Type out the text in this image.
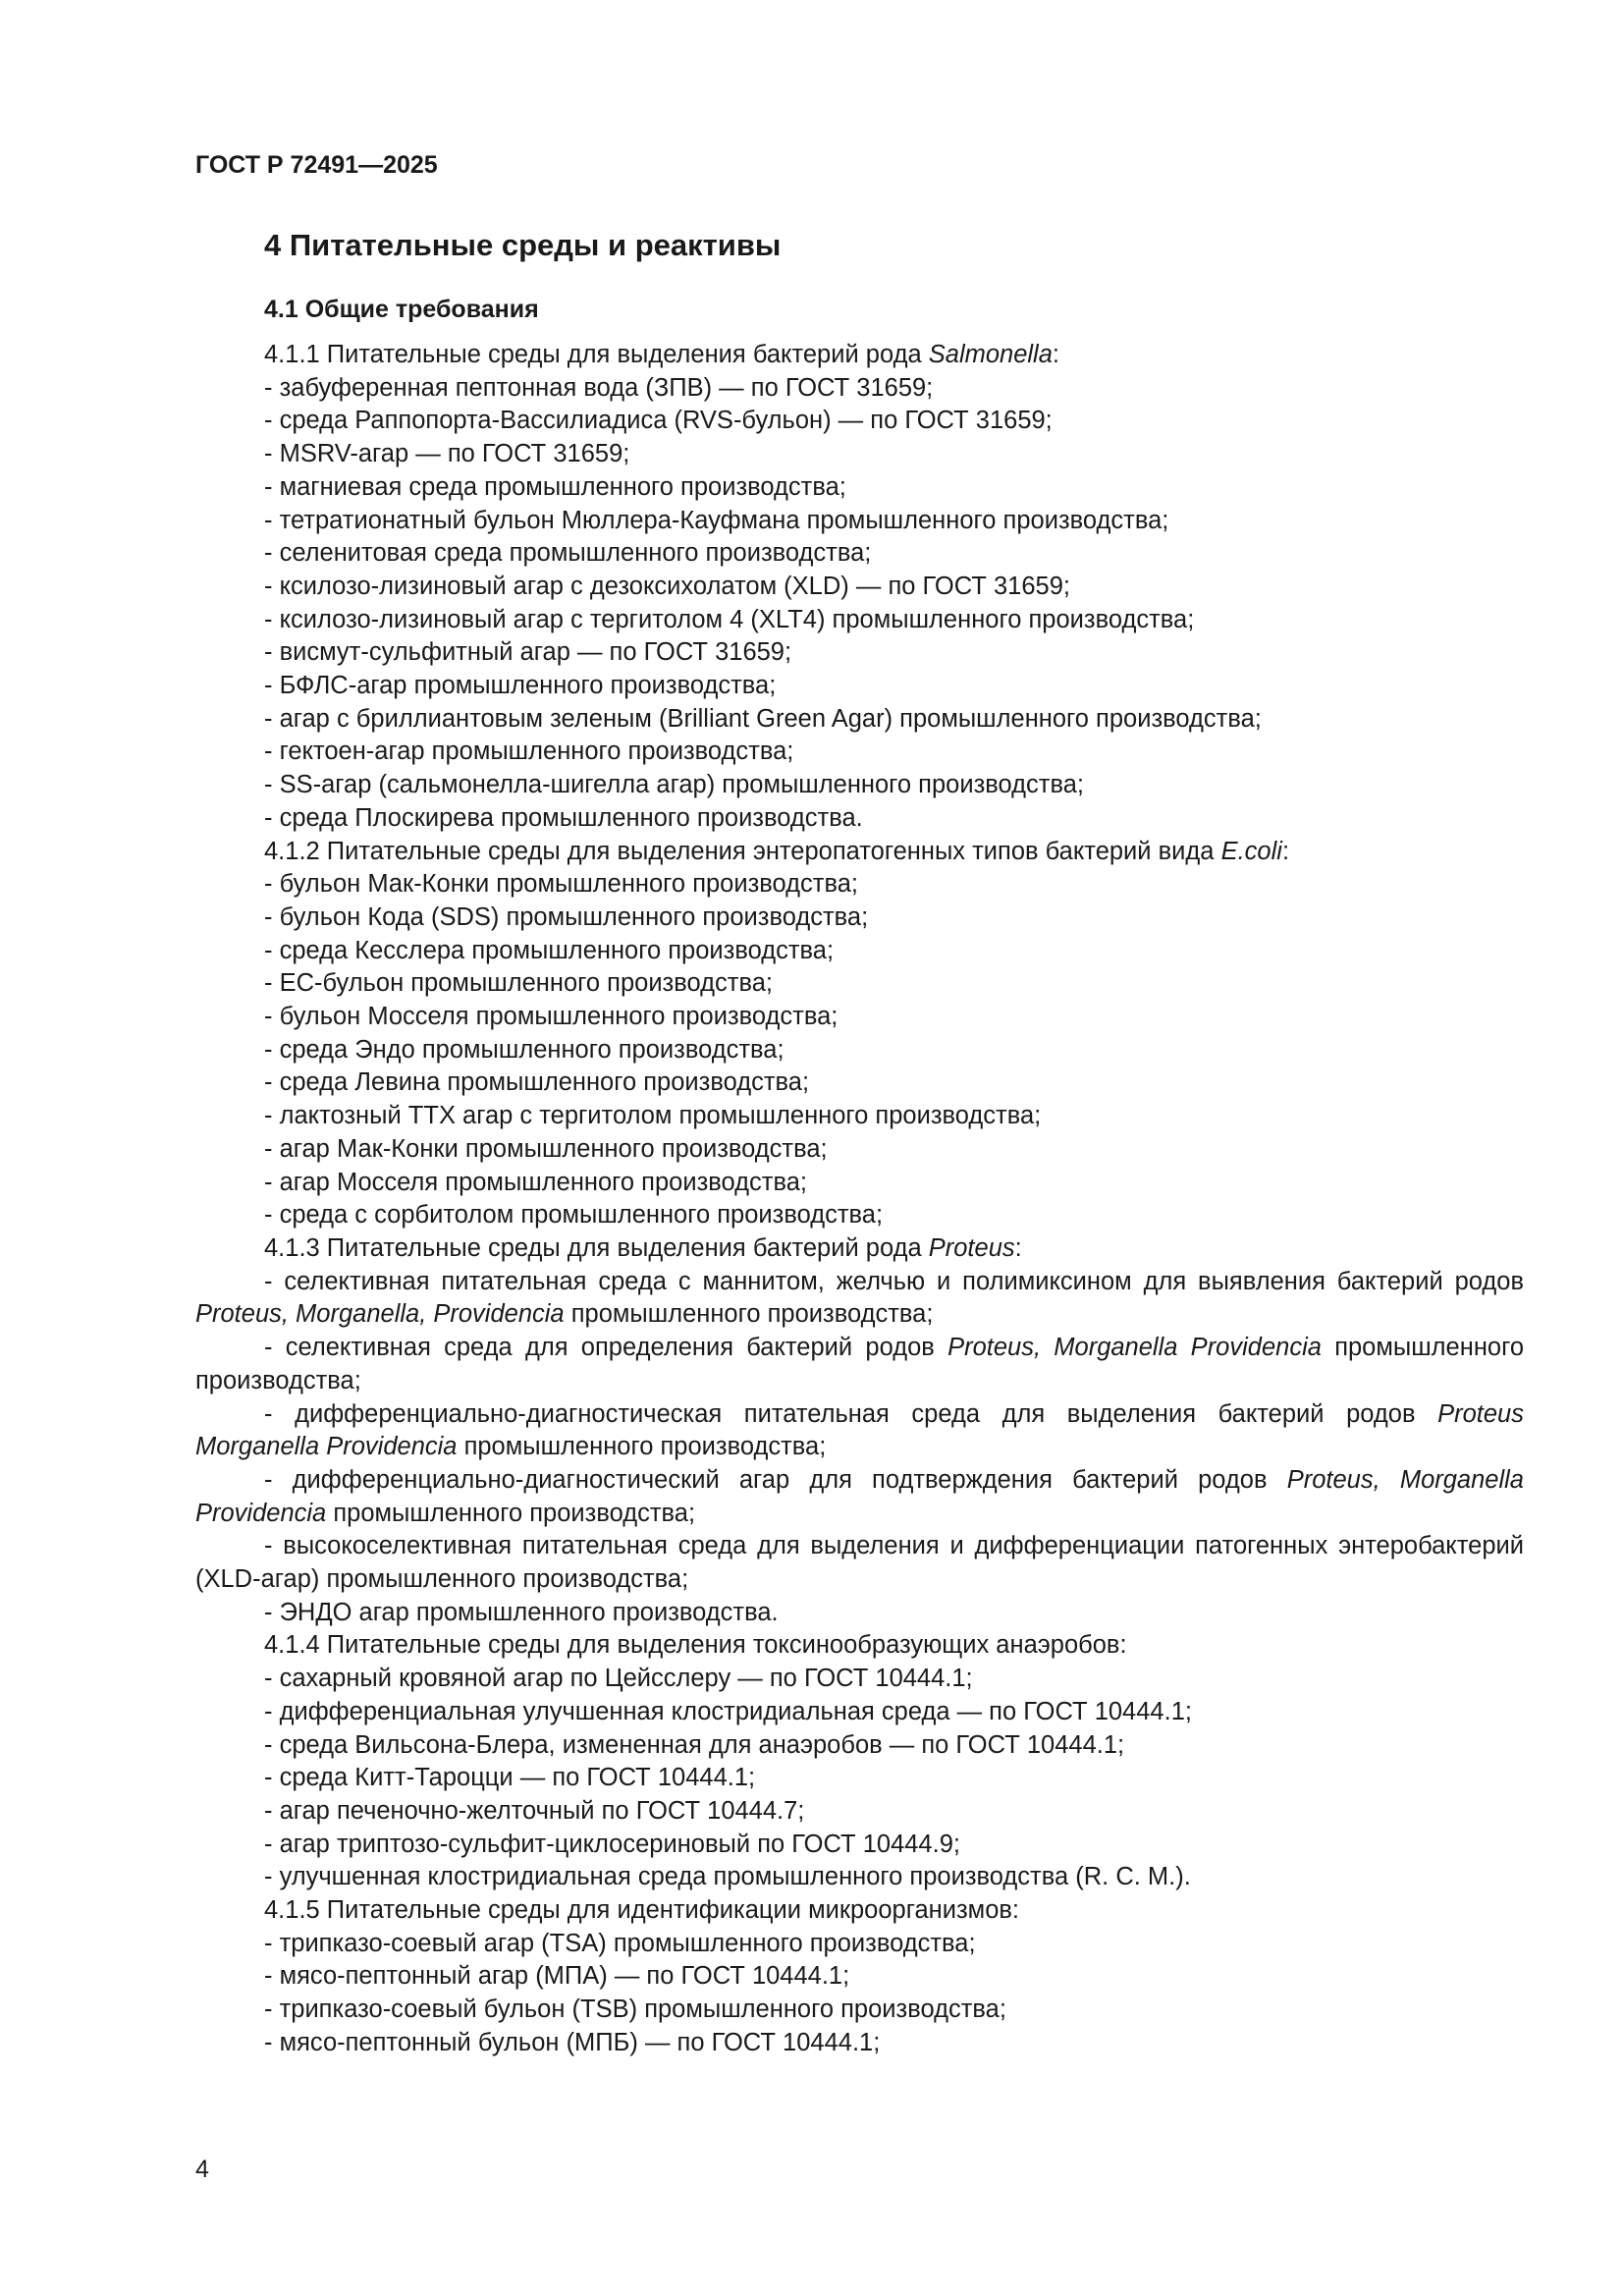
ГОСТ Р 72491—2025
4 Питательные среды и реактивы
4.1 Общие требования

4.1.1 Питательные среды для выделения бактерий рода Salmonella:

- забуференная пептонная вода (ЗПВ) — по ГОСТ 31659;

- среда Раппопорта-Вассилиадиса (RVS-бульон) — по ГОСТ 31659;

- MSRV-агар — по ГОСТ 31659;

- магниевая среда промышленного производства;

- тетратионатный бульон Мюллера-Кауфмана промышленного производства;

- селенитовая среда промышленного производства;

- ксилозо-лизиновый агар с дезоксихолатом (XLD) — по ГОСТ 31659;

- ксилозо-лизиновый агар с тергитолом 4 (XLT4) промышленного производства;

- висмут-сульфитный агар — по ГОСТ 31659;

- БФЛС-агар промышленного производства;

- агар с бриллиантовым зеленым (Brilliant Green Agar) промышленного производства;

- гектоен-агар промышленного производства;

- SS-агар (сальмонелла-шигелла агар) промышленного производства;

- среда Плоскирева промышленного производства.

4.1.2 Питательные среды для выделения энтеропатогенных типов бактерий вида E.coli:

- бульон Мак-Конки промышленного производства;

- бульон Кода (SDS) промышленного производства;

- среда Кесслера промышленного производства;

- ЕС-бульон промышленного производства;

- бульон Мосселя промышленного производства;

- среда Эндо промышленного производства;

- среда Левина промышленного производства;

- лактозный ТТХ агар с тергитолом промышленного производства;

- агар Мак-Конки промышленного производства;

- агар Мосселя промышленного производства;

- среда с сорбитолом промышленного производства;

4.1.3 Питательные среды для выделения бактерий рода Proteus:

- селективная питательная среда с маннитом, желчью и полимиксином для выявления бактерий родов Proteus, Morganella, Providencia промышленного производства;

- селективная среда для определения бактерий родов Proteus, Morganella Providencia промышленного производства;

- дифференциально-диагностическая питательная среда для выделения бактерий родов Proteus Morganella Providencia промышленного производства;

- дифференциально-диагностический агар для подтверждения бактерий родов Proteus, Morganella Providencia промышленного производства;

- высокоселективная питательная среда для выделения и дифференциации патогенных энтеробактерий (XLD-агар) промышленного производства;

- ЭНДО агар промышленного производства.

4.1.4 Питательные среды для выделения токсинообразующих анаэробов:

- сахарный кровяной агар по Цейсслеру — по ГОСТ 10444.1;

- дифференциальная улучшенная клостридиальная среда — по ГОСТ 10444.1;

- среда Вильсона-Блера, измененная для анаэробов — по ГОСТ 10444.1;

- среда Китт-Тароцци — по ГОСТ 10444.1;

- агар печеночно-желточный по ГОСТ 10444.7;

- агар триптозо-сульфит-циклосериновый по ГОСТ 10444.9;

- улучшенная клостридиальная среда промышленного производства (R. C. M.).

4.1.5 Питательные среды для идентификации микроорганизмов:

- трипказо-соевый агар (TSA) промышленного производства;

- мясо-пептонный агар (МПА) — по ГОСТ 10444.1;

- трипказо-соевый бульон (TSB) промышленного производства;

- мясо-пептонный бульон (МПБ) — по ГОСТ 10444.1;

4
